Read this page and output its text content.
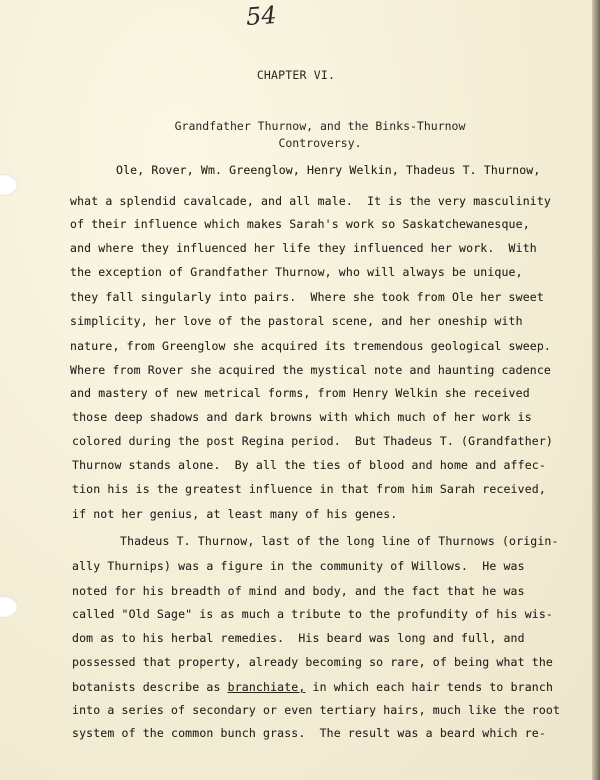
54
CHAPTER VI.
Grandfather Thurnow, and the Binks-Thurnow
Controversy.
Ole, Rover, Wm. Greenglow, Henry Welkin, Thadeus T. Thurnow,
what a splendid cavalcade, and all male.  It is the very masculinity
of their influence which makes Sarah's work so Saskatchewanesque,
and where they influenced her life they influenced her work.  With
the exception of Grandfather Thurnow, who will always be unique,
they fall singularly into pairs.  Where she took from Ole her sweet
simplicity, her love of the pastoral scene, and her oneship with
nature, from Greenglow she acquired its tremendous geological sweep.
Where from Rover she acquired the mystical note and haunting cadence
and mastery of new metrical forms, from Henry Welkin she received
those deep shadows and dark browns with which much of her work is
colored during the post Regina period.  But Thadeus T. (Grandfather)
Thurnow stands alone.  By all the ties of blood and home and affec-
tion his is the greatest influence in that from him Sarah received,
if not her genius, at least many of his genes.
Thadeus T. Thurnow, last of the long line of Thurnows (origin-
ally Thurnips) was a figure in the community of Willows.  He was
noted for his breadth of mind and body, and the fact that he was
called "Old Sage" is as much a tribute to the profundity of his wis-
dom as to his herbal remedies.  His beard was long and full, and
possessed that property, already becoming so rare, of being what the
botanists describe as branchiate, in which each hair tends to branch
into a series of secondary or even tertiary hairs, much like the root
system of the common bunch grass.  The result was a beard which re-
